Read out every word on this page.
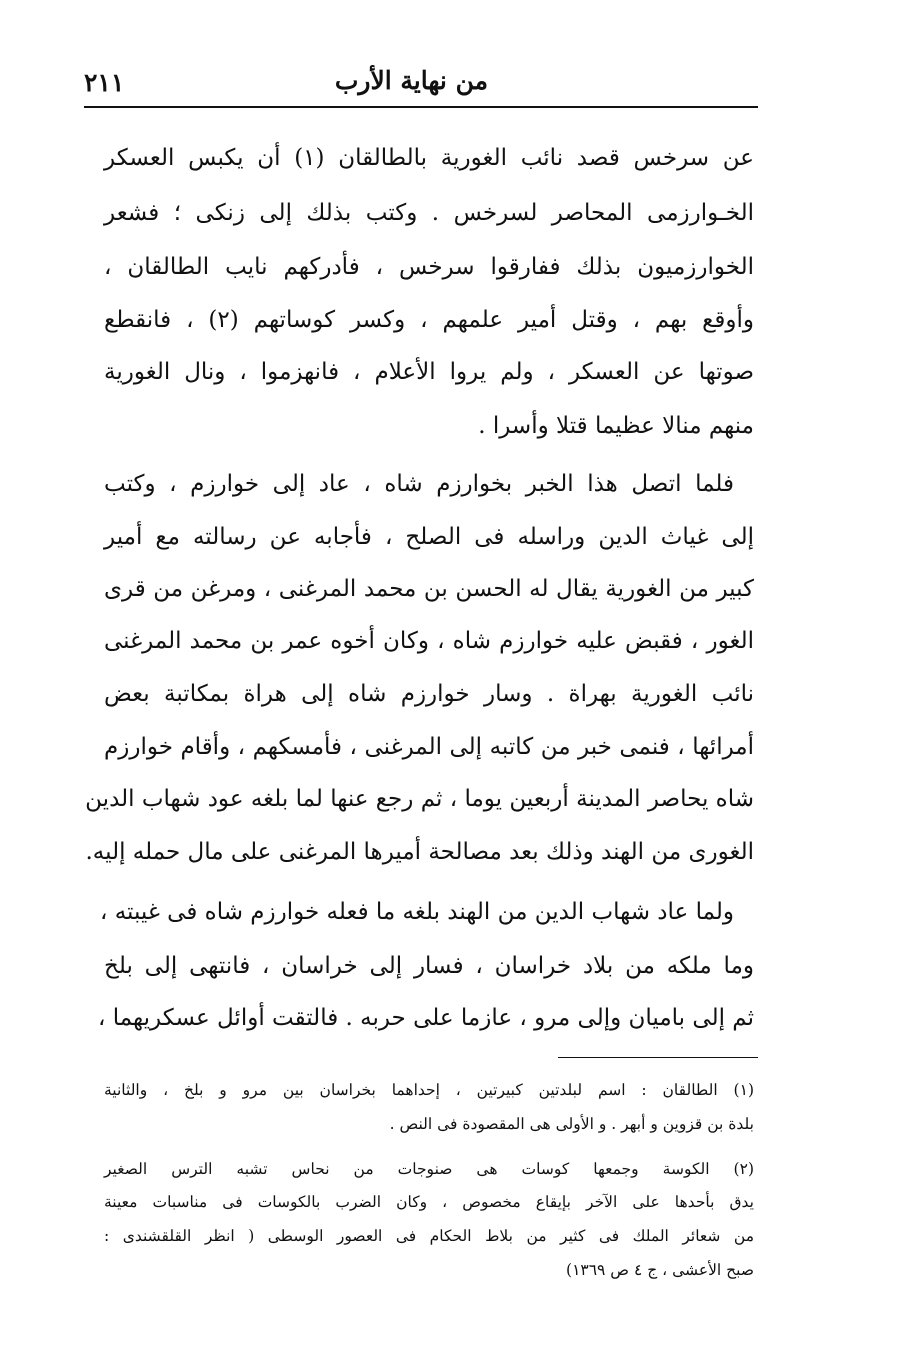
من نهاية الأرب
٢١١
عن سرخس قصد نائب الغورية بالطالقان (١) أن يكبس العسكر
الخـوارزمى المحاصر لسرخس . وكتب بذلك إلى زنكى ؛ فشعر
الخوارزميون بذلك ففارقوا سرخس ، فأدركهم نايب الطالقان ،
وأوقع بهم ، وقتل أمير علمهم ، وكسر كوساتهم (٢) ، فانقطع
صوتها عن العسكر ، ولم يروا الأعلام ، فانهزموا ، ونال الغورية
منهم منالا عظيما قتلا وأسرا .
فلما اتصل هذا الخبر بخوارزم شاه ، عاد إلى خوارزم ، وكتب
إلى غياث الدين وراسله فى الصلح ، فأجابه عن رسالته مع أمير
كبير من الغورية يقال له الحسن بن محمد المرغنى ، ومرغن من قرى
الغور ، فقبض عليه خوارزم شاه ، وكان أخوه عمر بن محمد المرغنى
نائب الغورية بهراة . وسار خوارزم شاه إلى هراة بمكاتبة بعض
أمرائها ، فنمى خبر من كاتبه إلى المرغنى ، فأمسكهم ، وأقام خوارزم
شاه يحاصر المدينة أربعين يوما ، ثم رجع عنها لما بلغه عود شهاب الدين
الغورى من الهند وذلك بعد مصالحة أميرها المرغنى على مال حمله إليه.
ولما عاد شهاب الدين من الهند بلغه ما فعله خوارزم شاه فى غيبته ،
وما ملكه من بلاد خراسان ، فسار إلى خراسان ، فانتهى إلى بلخ
ثم إلى باميان وإلى مرو ، عازما على حربه . فالتقت أوائل عسكريهما ،
(١) الطالقان : اسم لبلدتين كبيرتين ، إحداهما بخراسان بين مرو و بلخ ، والثانية
بلدة بن قزوين و أبهر . و الأولى هى المقصودة فى النص .
(٢) الكوسة وجمعها كوسات هى صنوجات من نحاس تشبه الترس الصغير
يدق بأحدها على الآخر بإيقاع مخصوص ، وكان الضرب بالكوسات فى مناسبات معينة
من شعائر الملك فى كثير من بلاط الحكام فى العصور الوسطى ( انظر القلقشندى :
صبح الأعشى ، ج ٤ ص ١٣٦٩)
